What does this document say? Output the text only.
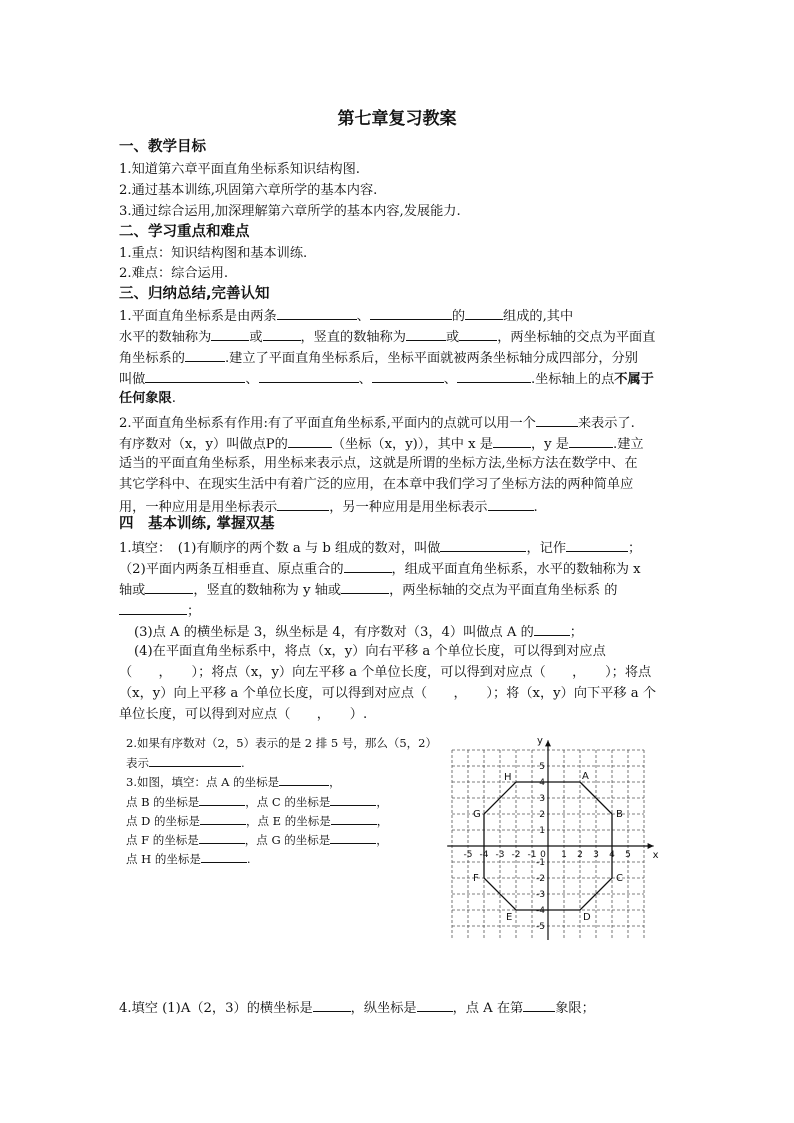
第七章复习教案
一、教学目标
1.知道第六章平面直角坐标系知识结构图.
2.通过基本训练,巩固第六章所学的基本内容.
3.通过综合运用,加深理解第六章所学的基本内容,发展能力.
二、学习重点和难点
1.重点：知识结构图和基本训练.
2.难点：综合运用.
三、归纳总结,完善认知
1.平面直角坐标系是由两条	、	的	组成的,其中
水平的数轴称为	或	，竖直的数轴称为	或	，两坐标轴的交点为平面直
角坐标系的	.建立了平面直角坐标系后，坐标平面就被两条坐标轴分成四部分，分别
叫做	、	、	、	.坐标轴上的点不属于
任何象限.
2.平面直角坐标系有作用:有了平面直角坐标系,平面内的点就可以用一个	来表示了.
有序数对（x，y）叫做点P的	（坐标（x，y)），其中 x 是	，y 是	.建立
适当的平面直角坐标系，用坐标来表示点，这就是所谓的坐标方法,坐标方法在数学中、在
其它学科中、在现实生活中有着广泛的应用，在本章中我们学习了坐标方法的两种简单应
用，一种应用是用坐标表示	，另一种应用是用坐标表示	.
四　基本训练, 掌握双基
1.填空：　(1)有顺序的两个数 a 与 b 组成的数对，叫做	，记作	；
（2)平面内两条互相垂直、原点重合的	，组成平面直角坐标系，水平的数轴称为 x
轴或	，竖直的数轴称为 y 轴或	，两坐标轴的交点为平面直角坐标系 的
；
(3)点 A 的横坐标是 3，纵坐标是 4，有序数对（3，4）叫做点 A 的	；
(4)在平面直角坐标系中，将点（x，y）向右平移 a 个单位长度，可以得到对应点
（　　，　　）；将点（x，y）向左平移 a 个单位长度，可以得到对应点（　　，　　）；将点
（x，y）向上平移 a 个单位长度，可以得到对应点（　　，　　）；将（x，y）向下平移 a 个
单位长度，可以得到对应点（　　，　　）.
2.如果有序数对（2，5）表示的是 2 排 5 号，那么（5，2）
表示	.
3.如图，填空：点 A 的坐标是	，
点 B 的坐标是	，点 C 的坐标是	，
点 D 的坐标是	，点 E 的坐标是	，
点 F 的坐标是	，点 G 的坐标是	，
点 H 的坐标是	.	-5 -4 -3 -2 -1 0 1 2 3 4 5
5
4
3
2
1
-1
-2
-3
-4
-5
x
y
A
B
C
D
E
F
G
H
4.填空 (1)A（2，3）的横坐标是	，纵坐标是	，点 A 在第 象限；
